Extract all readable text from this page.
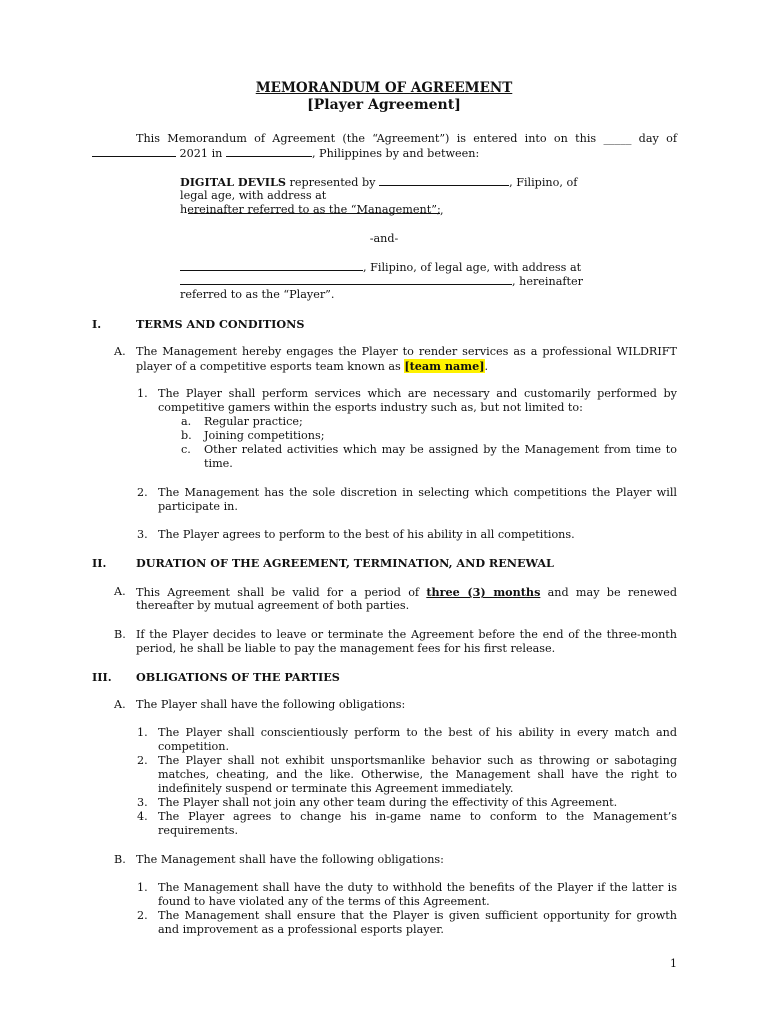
MEMORANDUM OF AGREEMENT
[Player Agreement]
This Memorandum of Agreement (the “Agreement”) is entered into on this _____ day of
2021 in	, Philippines by and between:
DIGITAL DEVILS represented by	, Filipino, of
legal age, with address at ,
hereinafter referred to as the “Management”;
-and-
, Filipino, of legal age, with address at
, hereinafter
referred to as the “Player”.
I.	TERMS AND CONDITIONS
A. The Management hereby engages the Player to render services as a professional WILDRIFT
player of a competitive esports team known as [team name].
1. The Player shall perform services which are necessary and customarily performed by
competitive gamers within the esports industry such as, but not limited to:
a. Regular practice;
b. Joining competitions;
c. Other related activities which may be assigned by the Management from time to
time.
2. The Management has the sole discretion in selecting which competitions the Player will
participate in.
3. The Player agrees to perform to the best of his ability in all competitions.
II.	DURATION OF THE AGREEMENT, TERMINATION, AND RENEWAL
A. This Agreement shall be valid for a period of three (3) months and may be renewed
thereafter by mutual agreement of both parties.
B. If the Player decides to leave or terminate the Agreement before the end of the three-month
period, he shall be liable to pay the management fees for his first release.
III. OBLIGATIONS OF THE PARTIES
A. The Player shall have the following obligations:
1. The Player shall conscientiously perform to the best of his ability in every match and
competition.
2. The Player shall not exhibit unsportsmanlike behavior such as throwing or sabotaging
matches, cheating, and the like. Otherwise, the Management shall have the right to
indefinitely suspend or terminate this Agreement immediately.
3. The Player shall not join any other team during the effectivity of this Agreement.
4. The Player agrees to change his in-game name to conform to the Management’s
requirements.
B. The Management shall have the following obligations:
1. The Management shall have the duty to withhold the benefits of the Player if the latter is
found to have violated any of the terms of this Agreement.
2. The Management shall ensure that the Player is given sufficient opportunity for growth
and improvement as a professional esports player.
1
